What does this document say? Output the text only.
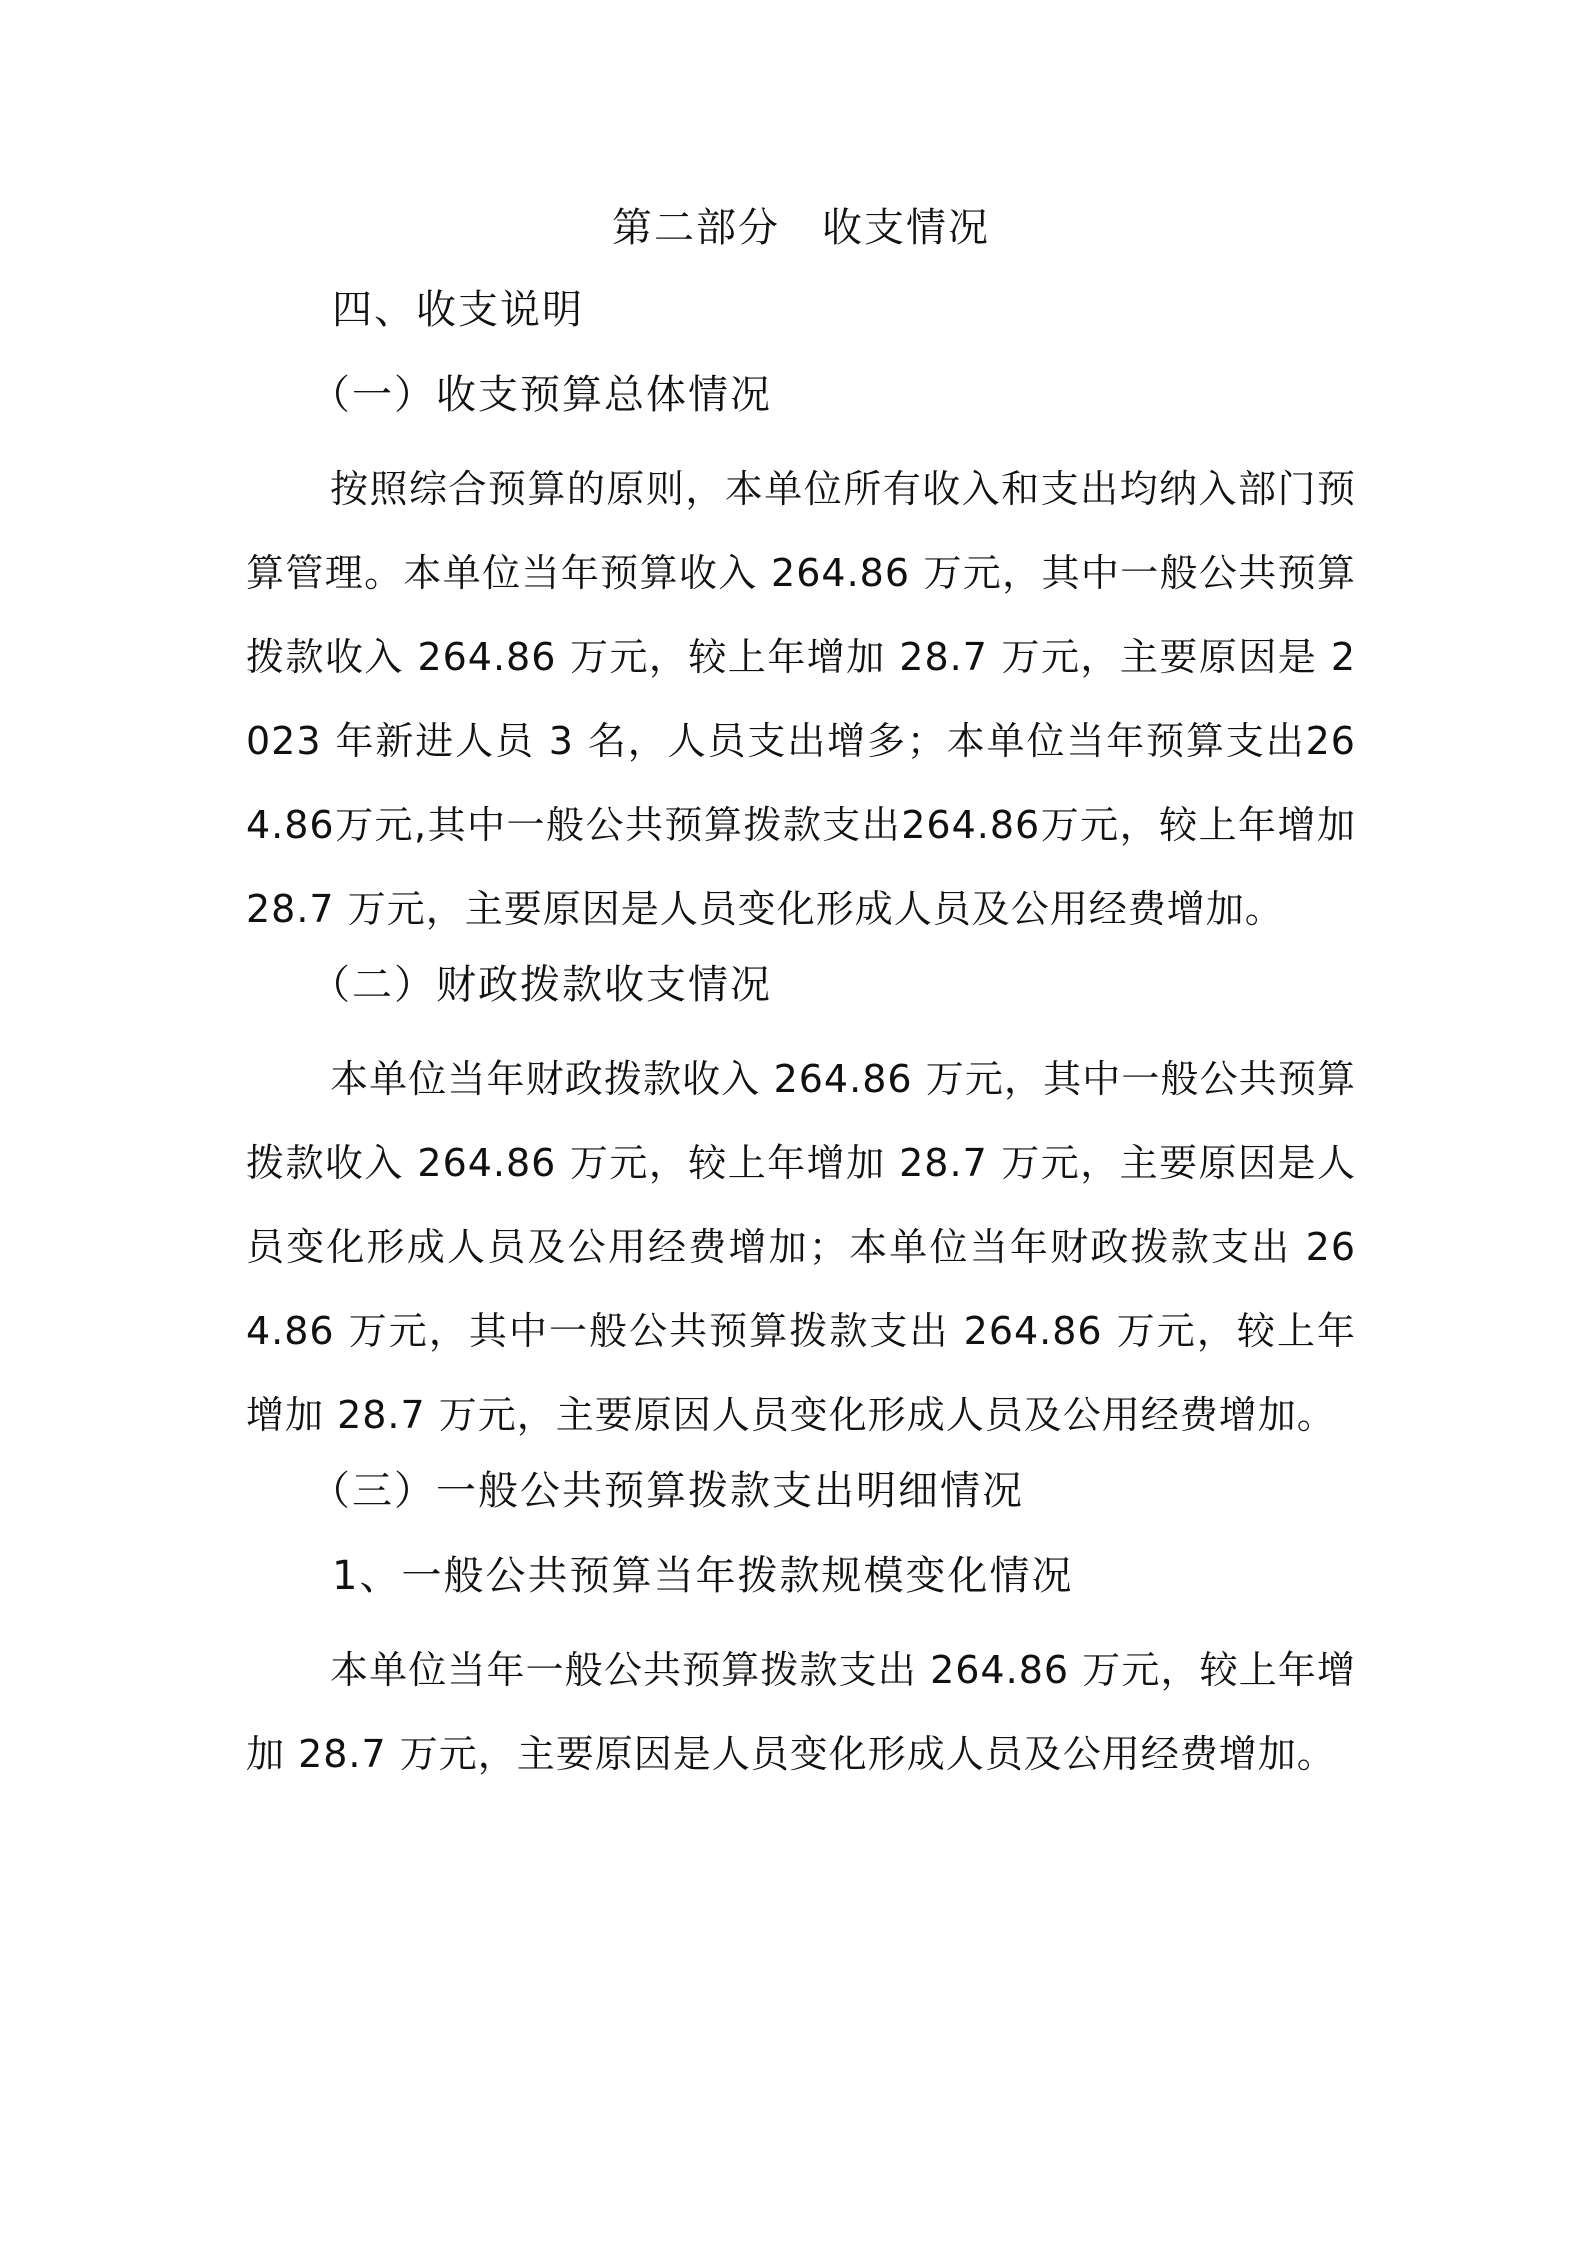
第二部分　收支情况
四、收支说明
（一）收支预算总体情况

按照综合预算的原则，本单位所有收入和支出均纳入部门预算管理。本单位当年预算收入 264.86 万元，其中一般公共预算拨款收入 264.86 万元，较上年增加 28.7 万元，主要原因是 2023 年新进人员 3 名，人员支出增多；本单位当年预算支出264.86万元,其中一般公共预算拨款支出264.86万元，较上年增加 28.7 万元，主要原因是人员变化形成人员及公用经费增加。

（二）财政拨款收支情况

本单位当年财政拨款收入 264.86 万元，其中一般公共预算拨款收入 264.86 万元，较上年增加 28.7 万元，主要原因是人员变化形成人员及公用经费增加；本单位当年财政拨款支出 264.86 万元，其中一般公共预算拨款支出 264.86 万元，较上年增加 28.7 万元，主要原因人员变化形成人员及公用经费增加。

（三）一般公共预算拨款支出明细情况
1、一般公共预算当年拨款规模变化情况

本单位当年一般公共预算拨款支出 264.86 万元，较上年增加 28.7 万元，主要原因是人员变化形成人员及公用经费增加。
